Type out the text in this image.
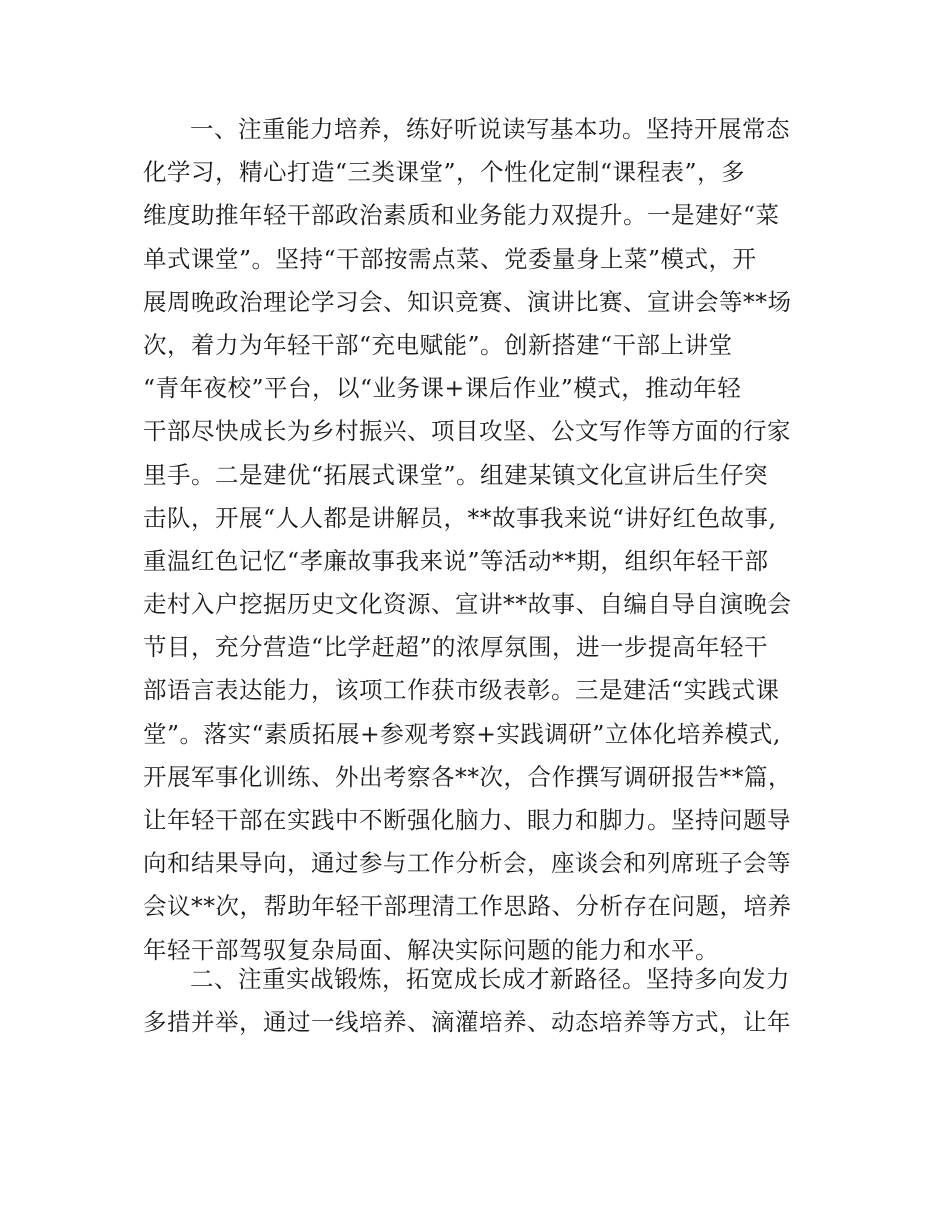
一、注重能力培养，练好听说读写基本功。坚持开展常态
化学习，精心打造“三类课堂”，个性化定制“课程表”，多
维度助推年轻干部政治素质和业务能力双提升。一是建好“菜
单式课堂”。坚持“干部按需点菜、党委量身上菜”模式，开
展周晚政治理论学习会、知识竞赛、演讲比赛、宣讲会等**场
次，着力为年轻干部“充电赋能”。创新搭建“干部上讲堂
“青年夜校”平台，以“业务课+课后作业”模式，推动年轻
干部尽快成长为乡村振兴、项目攻坚、公文写作等方面的行家
里手。二是建优“拓展式课堂”。组建某镇文化宣讲后生仔突
击队，开展“人人都是讲解员，**故事我来说“讲好红色故事,
重温红色记忆“孝廉故事我来说”等活动**期，组织年轻干部
走村入户挖据历史文化资源、宣讲**故事、自编自导自演晚会
节目，充分营造“比学赶超”的浓厚氛围，进一步提高年轻干
部语言表达能力，该项工作获市级表彰。三是建活“实践式课
堂”。落实“素质拓展+参观考察+实践调研”立体化培养模式,
开展军事化训练、外出考察各**次，合作撰写调研报告**篇，
让年轻干部在实践中不断强化脑力、眼力和脚力。坚持问题导
向和结果导向，通过参与工作分析会，座谈会和列席班子会等
会议**次，帮助年轻干部理清工作思路、分析存在问题，培养
年轻干部驾驭复杂局面、解决实际问题的能力和水平。
二、注重实战锻炼，拓宽成长成才新路径。坚持多向发力
多措并举，通过一线培养、滴灌培养、动态培养等方式，让年
